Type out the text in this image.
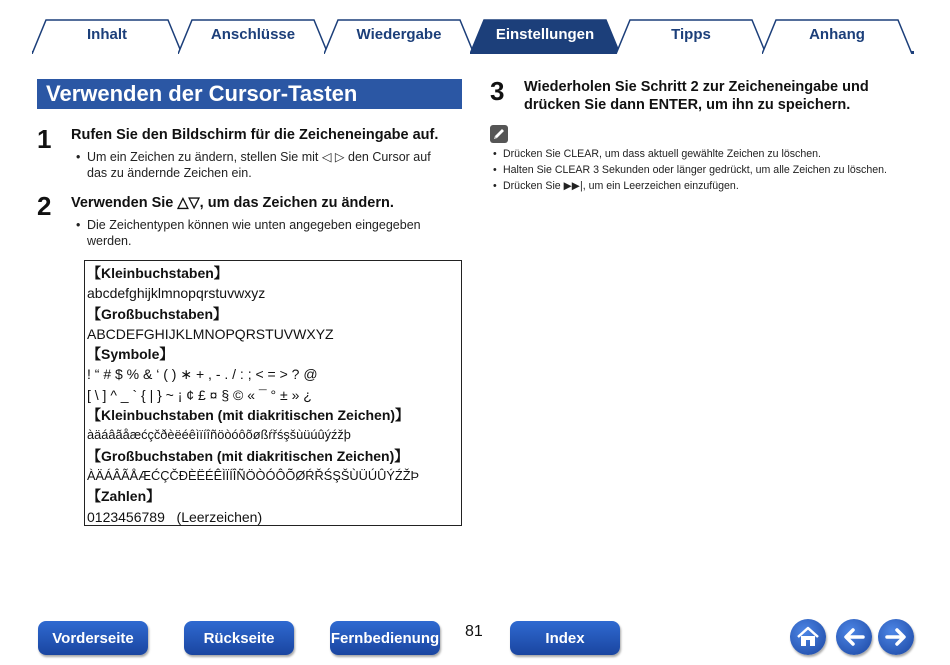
Inhalt	Anschlüsse	Wiedergabe	Einstellungen	Tipps	Anhang
Verwenden der Cursor-Tasten
1 Rufen Sie den Bildschirm für die Zeicheneingabe auf.
• Um ein Zeichen zu ändern, stellen Sie mit ◁ ▷ den Cursor auf
das zu ändernde Zeichen ein.
2 Verwenden Sie △▽, um das Zeichen zu ändern.
• Die Zeichentypen können wie unten angegeben eingegeben
werden.
【Kleinbuchstaben】
abcdefghijklmnopqrstuvwxyz
【Großbuchstaben】
ABCDEFGHIJKLMNOPQRSTUVWXYZ
【Symbole】
! “ # $ % & ‘ ( ) ∗ + , - . / : ; < = > ? @
[ \ ] ^ _ ` { | } ~ ¡ ¢ £ ¤ § © « ¯ ° ± » ¿
【Kleinbuchstaben (mit diakritischen Zeichen)】
àäáâãåæćçčðèëéêìïíîñöòóôõøßŕřśşšùüúûýźžþ
【Großbuchstaben (mit diakritischen Zeichen)】
ÀÄÁÂÃÅÆĆÇČĐÈËÉÊÌÏÍÎÑÖÒÓÔÕØŔŘŚŞŠÙÜÚÛÝŹŽÞ
【Zahlen】
0123456789   (Leerzeichen)
3 Wiederholen Sie Schritt 2 zur Zeicheneingabe und
drücken Sie dann ENTER, um ihn zu speichern.
• Drücken Sie CLEAR, um dass aktuell gewählte Zeichen zu löschen.
• Halten Sie CLEAR 3 Sekunden oder länger gedrückt, um alle Zeichen zu löschen.
• Drücken Sie ▶▶|, um ein Leerzeichen einzufügen.
Vorderseite	Rückseite	Fernbedienung 81	Index
